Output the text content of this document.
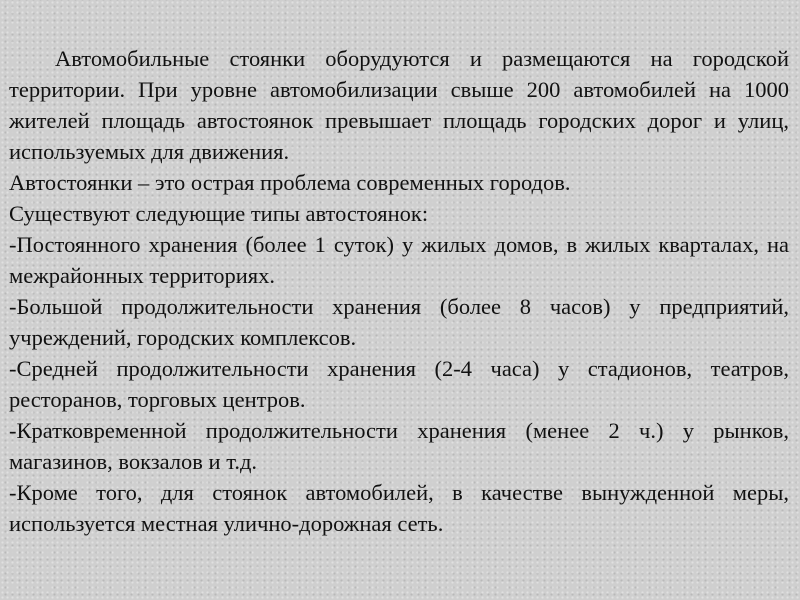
Автомобильные стоянки оборудуются и размещаются на городской территории. При уровне автомобилизации свыше 200 автомобилей на 1000 жителей площадь автостоянок превышает площадь городских дорог и улиц, используемых для движения.

Автостоянки – это острая проблема современных городов.

Существуют следующие типы автостоянок:

-Постоянного хранения (более 1 суток) у жилых домов, в жилых кварталах, на межрайонных территориях.

-Большой продолжительности хранения (более 8 часов) у предприятий, учреждений, городских комплексов.

-Средней продолжительности хранения (2-4 часа) у стадионов, театров, ресторанов, торговых центров.

-Кратковременной продолжительности хранения (менее 2 ч.) у рынков, магазинов, вокзалов и т.д.

-Кроме того, для стоянок автомобилей, в качестве вынужденной меры, используется местная улично-дорожная сеть.
